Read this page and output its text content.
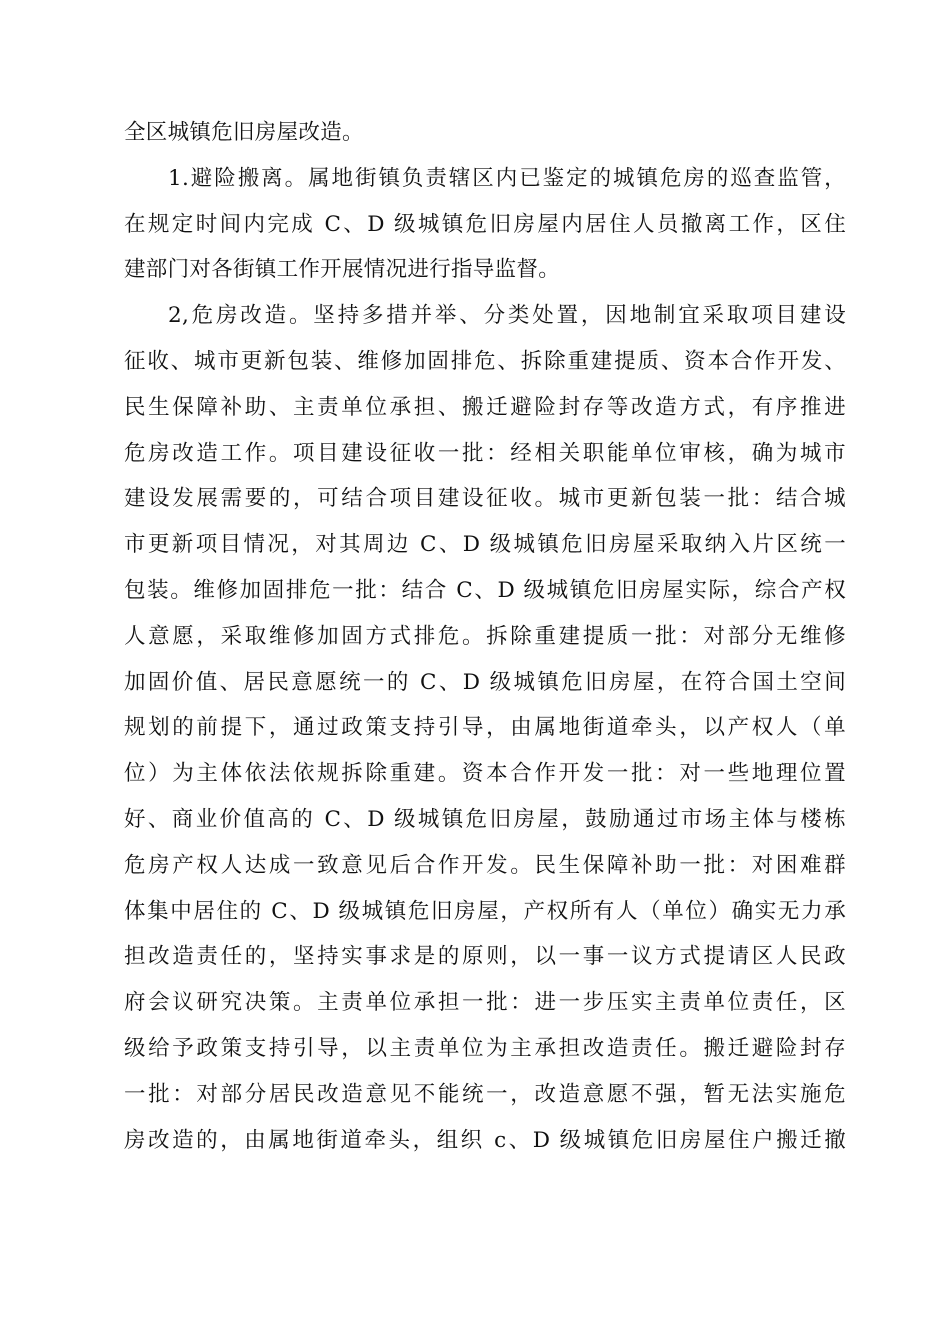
全区城镇危旧房屋改造。
1.避险搬离。属地街镇负责辖区内已鉴定的城镇危房的巡查监管，
在规定时间内完成 C、D 级城镇危旧房屋内居住人员撤离工作，区住
建部门对各街镇工作开展情况进行指导监督。
2,危房改造。坚持多措并举、分类处置，因地制宜采取项目建设
征收、城市更新包装、维修加固排危、拆除重建提质、资本合作开发、
民生保障补助、主责单位承担、搬迁避险封存等改造方式，有序推进
危房改造工作。项目建设征收一批：经相关职能单位审核，确为城市
建设发展需要的，可结合项目建设征收。城市更新包装一批：结合城
市更新项目情况，对其周边 C、D 级城镇危旧房屋采取纳入片区统一
包装。维修加固排危一批：结合 C、D 级城镇危旧房屋实际，综合产权
人意愿，采取维修加固方式排危。拆除重建提质一批：对部分无维修
加固价值、居民意愿统一的 C、D 级城镇危旧房屋，在符合国土空间
规划的前提下，通过政策支持引导，由属地街道牵头，以产权人（单
位）为主体依法依规拆除重建。资本合作开发一批：对一些地理位置
好、商业价值高的 C、D 级城镇危旧房屋，鼓励通过市场主体与楼栋
危房产权人达成一致意见后合作开发。民生保障补助一批：对困难群
体集中居住的 C、D 级城镇危旧房屋，产权所有人（单位）确实无力承
担改造责任的，坚持实事求是的原则，以一事一议方式提请区人民政
府会议研究决策。主责单位承担一批：进一步压实主责单位责任，区
级给予政策支持引导，以主责单位为主承担改造责任。搬迁避险封存
一批：对部分居民改造意见不能统一，改造意愿不强，暂无法实施危
房改造的，由属地街道牵头，组织 c、D 级城镇危旧房屋住户搬迁撤
